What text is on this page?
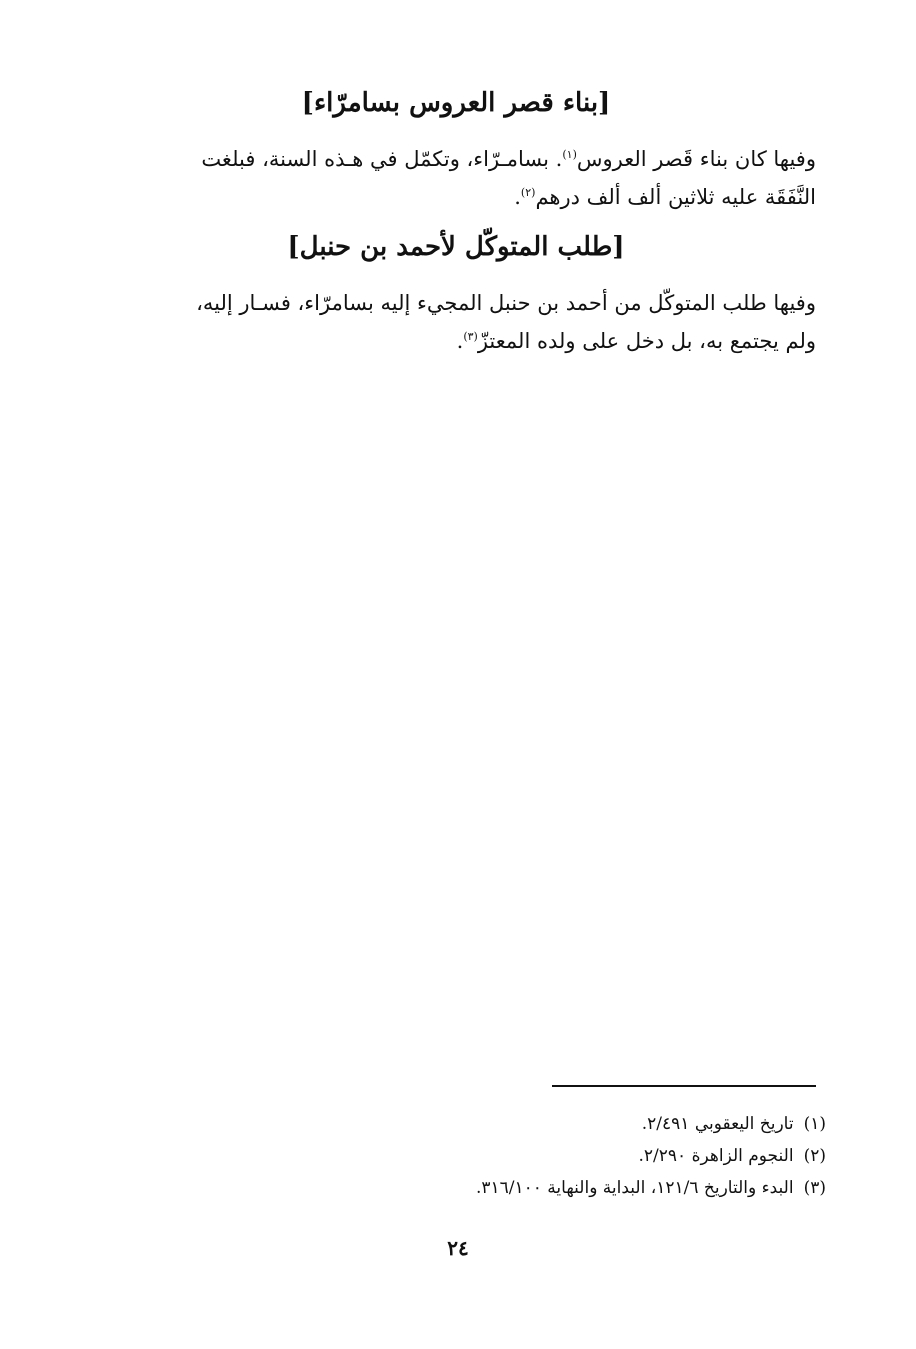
[بناء قصر العروس بسامرّاء]
وفيها كان بناء قَصر العروس$^{(١)}$. بسامـرّاء، وتكمّل في هـذه السنة، فبلغت
النَّفَقَة عليه ثلاثين ألف ألف درهم$^{(٢)}$.
[طلب المتوكّل لأحمد بن حنبل]
وفيها طلب المتوكّل من أحمد بن حنبل المجيء إليه بسامرّاء، فسـار إليه،
ولم يجتمع به، بل دخل على ولده المعتزّ$^{(٣)}$.
(١)تاريخ اليعقوبي ٢/٤٩١.
(٢)النجوم الزاهرة ٢/٢٩٠.
(٣)البدء والتاريخ ١٢١/٦، البداية والنهاية ٣١٦/١٠٠.
٢٤
